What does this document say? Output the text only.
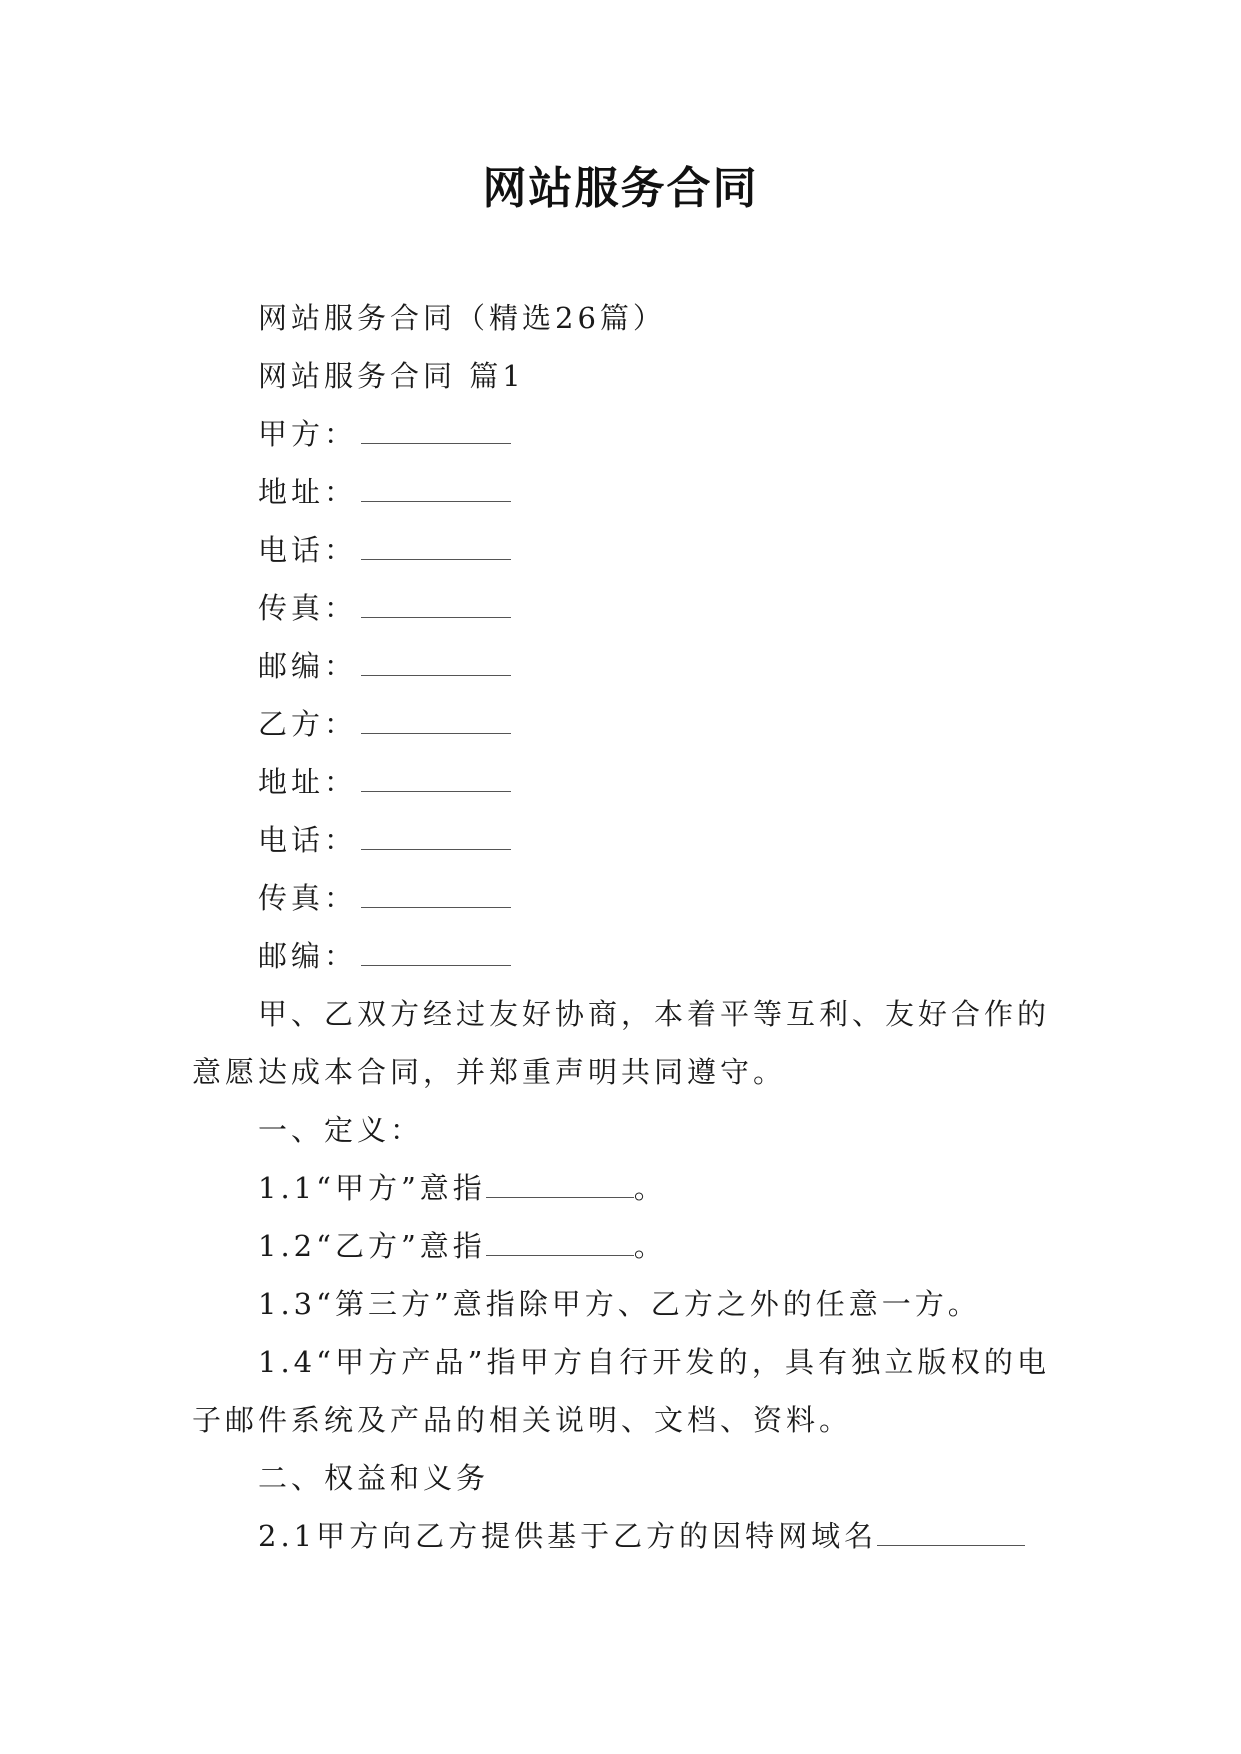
网站服务合同

网站服务合同（精选26篇）

网站服务合同 篇1

甲方：

地址：

电话：

传真：

邮编：

乙方：

地址：

电话：

传真：

邮编：

甲、乙双方经过友好协商，本着平等互利、友好合作的意愿达成本合同，并郑重声明共同遵守。

一、定义：

1.1“甲方”意指	。

1.2“乙方”意指	。

1.3“第三方”意指除甲方、乙方之外的任意一方。

1.4“甲方产品”指甲方自行开发的，具有独立版权的电子邮件系统及产品的相关说明、文档、资料。

二、权益和义务

2.1甲方向乙方提供基于乙方的因特网域名
